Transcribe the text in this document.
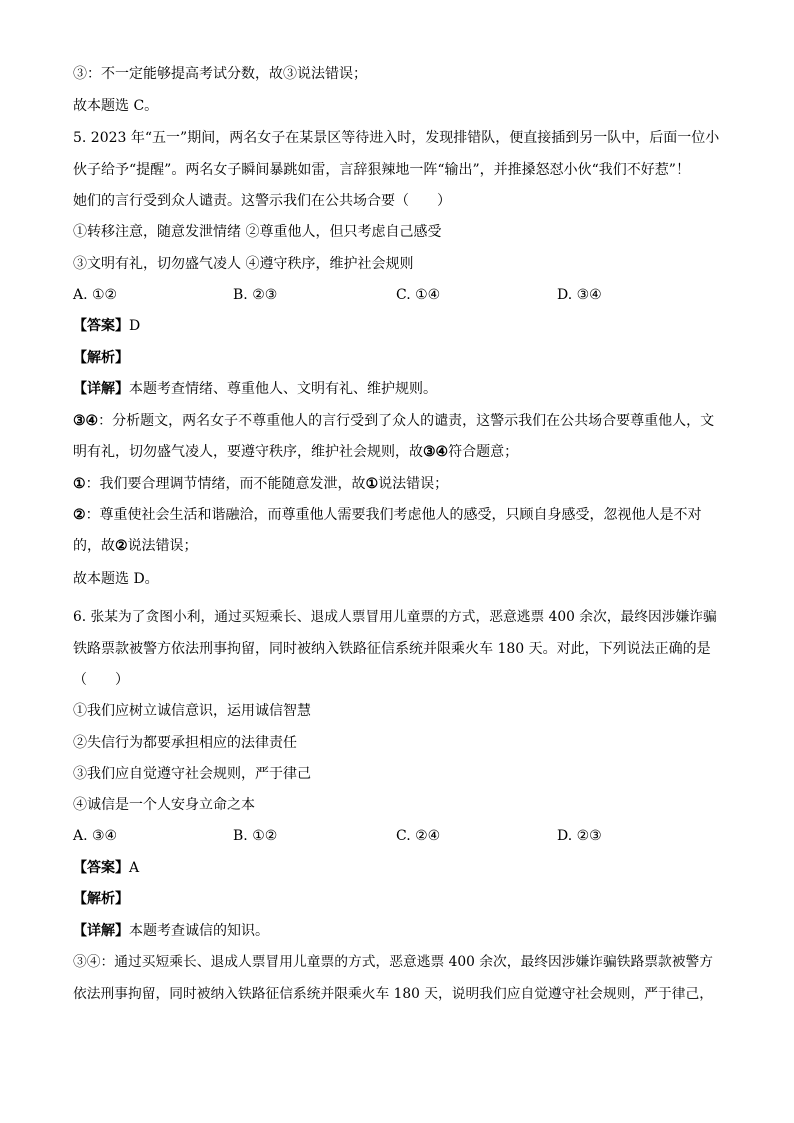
③：不一定能够提高考试分数，故③说法错误；
故本题选 C。
5. 2023 年“五一”期间，两名女子在某景区等待进入时，发现排错队，便直接插到另一队中，后面一位小
伙子给予“提醒”。两名女子瞬间暴跳如雷，言辞狠辣地一阵“输出”，并推搡怒怼小伙“我们不好惹”！
她们的言行受到众人谴责。这警示我们在公共场合要（　　）
①转移注意，随意发泄情绪 ②尊重他人，但只考虑自己感受
③文明有礼，切勿盛气凌人 ④遵守秩序，维护社会规则
A. ①②	B. ②③	C. ①④	D. ③④
【答案】D
【解析】
【详解】本题考查情绪、尊重他人、文明有礼、维护规则。
③④：分析题文，两名女子不尊重他人的言行受到了众人的谴责，这警示我们在公共场合要尊重他人，文
明有礼，切勿盛气凌人，要遵守秩序，维护社会规则，故③④符合题意；
①：我们要合理调节情绪，而不能随意发泄，故①说法错误；
②：尊重使社会生活和谐融洽，而尊重他人需要我们考虑他人的感受，只顾自身感受，忽视他人是不对
的，故②说法错误；
故本题选 D。
6. 张某为了贪图小利，通过买短乘长、退成人票冒用儿童票的方式，恶意逃票 400 余次，最终因涉嫌诈骗
铁路票款被警方依法刑事拘留，同时被纳入铁路征信系统并限乘火车 180 天。对此，下列说法正确的是
（　　）
①我们应树立诚信意识，运用诚信智慧
②失信行为都要承担相应的法律责任
③我们应自觉遵守社会规则，严于律己
④诚信是一个人安身立命之本
A. ③④	B. ①②	C. ②④	D. ②③
【答案】A
【解析】
【详解】本题考查诚信的知识。
③④：通过买短乘长、退成人票冒用儿童票的方式，恶意逃票 400 余次，最终因涉嫌诈骗铁路票款被警方
依法刑事拘留，同时被纳入铁路征信系统并限乘火车 180 天，说明我们应自觉遵守社会规则，严于律己，
